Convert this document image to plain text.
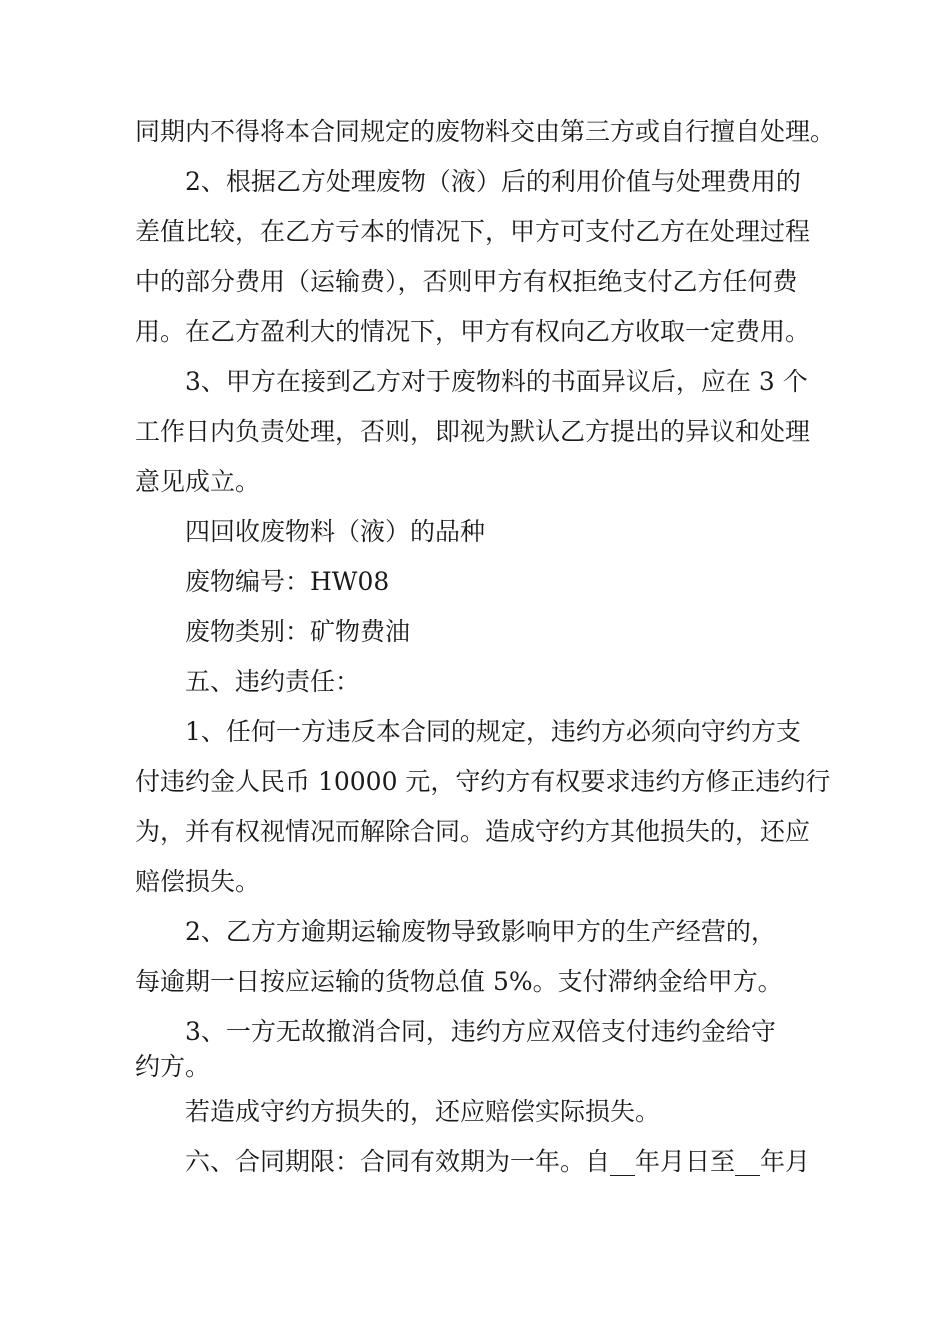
同期内不得将本合同规定的废物料交由第三方或自行擅自处理。
2、根据乙方处理废物（液）后的利用价值与处理费用的
差值比较，在乙方亏本的情况下，甲方可支付乙方在处理过程
中的部分费用（运输费），否则甲方有权拒绝支付乙方任何费
用。在乙方盈利大的情况下，甲方有权向乙方收取一定费用。
3、甲方在接到乙方对于废物料的书面异议后，应在 3 个
工作日内负责处理，否则，即视为默认乙方提出的异议和处理
意见成立。
四回收废物料（液）的品种
废物编号：HW08
废物类别：矿物费油
五、违约责任：
1、任何一方违反本合同的规定，违约方必须向守约方支
付违约金人民币 10000 元，守约方有权要求违约方修正违约行
为，并有权视情况而解除合同。造成守约方其他损失的，还应
赔偿损失。
2、乙方方逾期运输废物导致影响甲方的生产经营的，
每逾期一日按应运输的货物总值 5%。支付滞纳金给甲方。
3、一方无故撤消合同，违约方应双倍支付违约金给守
约方。
若造成守约方损失的，还应赔偿实际损失。
六、合同期限：合同有效期为一年。自__年月日至__年月
